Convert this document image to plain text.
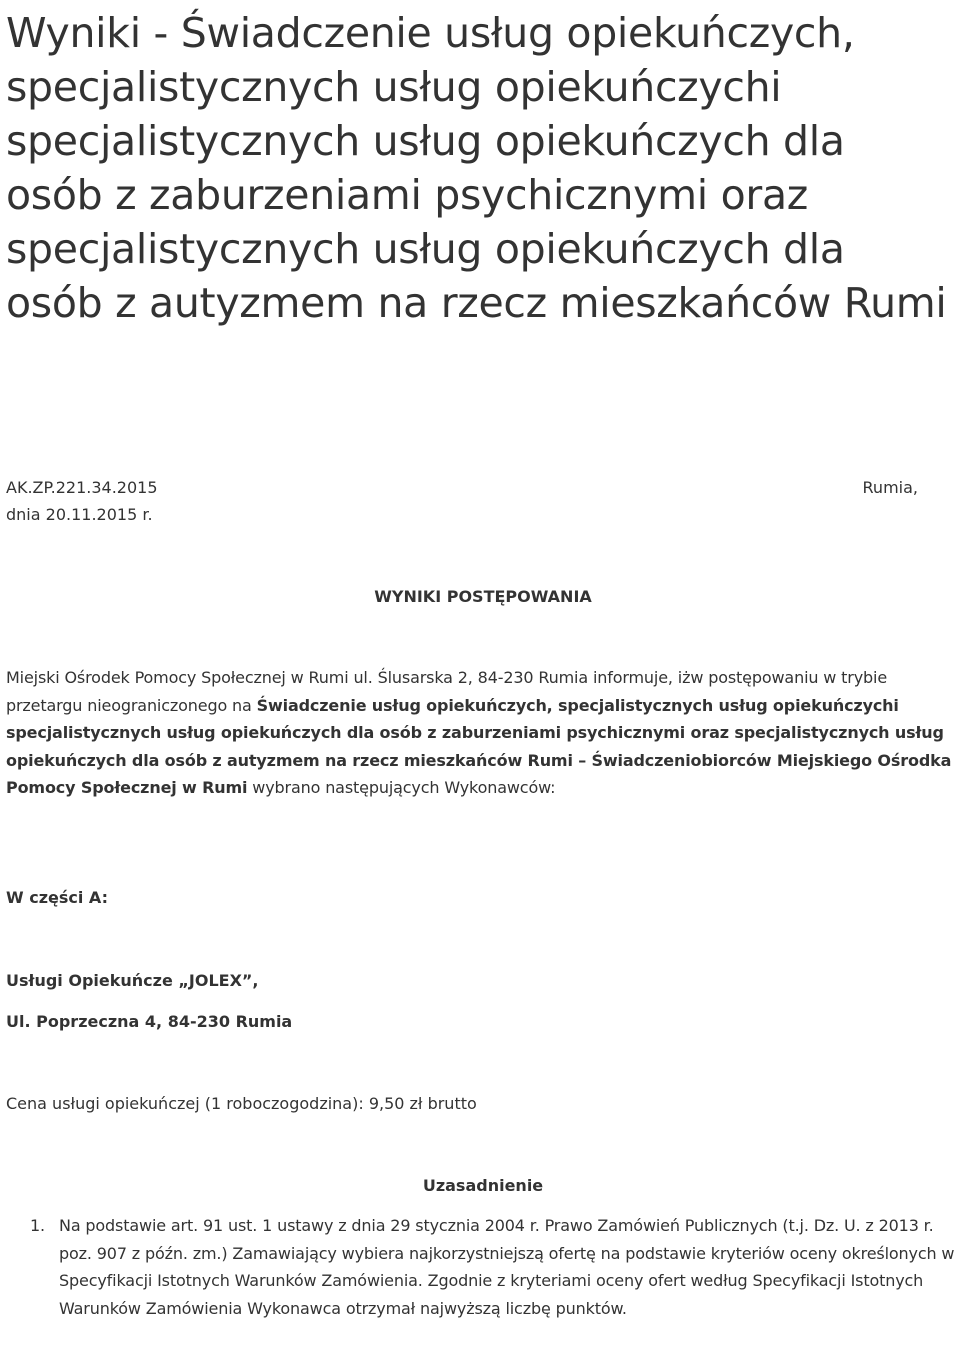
Wyniki - Świadczenie usług opiekuńczych, specjalistycznych usług opiekuńczychi specjalistycznych usług opiekuńczych dla osób z zaburzeniami psychicznymi oraz specjalistycznych usług opiekuńczych dla osób z autyzmem na rzecz mieszkańców Rumi
AK.ZP.221.34.2015
dnia 20.11.2015 r.
Rumia,
WYNIKI POSTĘPOWANIA

Miejski Ośrodek Pomocy Społecznej w Rumi ul. Ślusarska 2, 84-230 Rumia informuje, iżw postępowaniu w trybie przetargu nieograniczonego na Świadczenie usług opiekuńczych, specjalistycznych usług opiekuńczychi specjalistycznych usług opiekuńczych dla osób z zaburzeniami psychicznymi oraz specjalistycznych usług opiekuńczych dla osób z autyzmem na rzecz mieszkańców Rumi – Świadczeniobiorców Miejskiego Ośrodka Pomocy Społecznej w Rumi wybrano następujących Wykonawców:

W części A:
Usługi Opiekuńcze „JOLEX”,
Ul. Poprzeczna 4, 84-230 Rumia
Cena usługi opiekuńczej (1 roboczogodzina): 9,50 zł brutto
Uzasadnienie
1. Na podstawie art. 91 ust. 1 ustawy z dnia 29 stycznia 2004 r. Prawo Zamówień Publicznych (t.j. Dz. U. z 2013 r. poz. 907 z późn. zm.) Zamawiający wybiera najkorzystniejszą ofertę na podstawie kryteriów oceny określonych w Specyfikacji Istotnych Warunków Zamówienia. Zgodnie z kryteriami oceny ofert według Specyfikacji Istotnych Warunków Zamówienia Wykonawca otrzymał najwyższą liczbę punktów.
